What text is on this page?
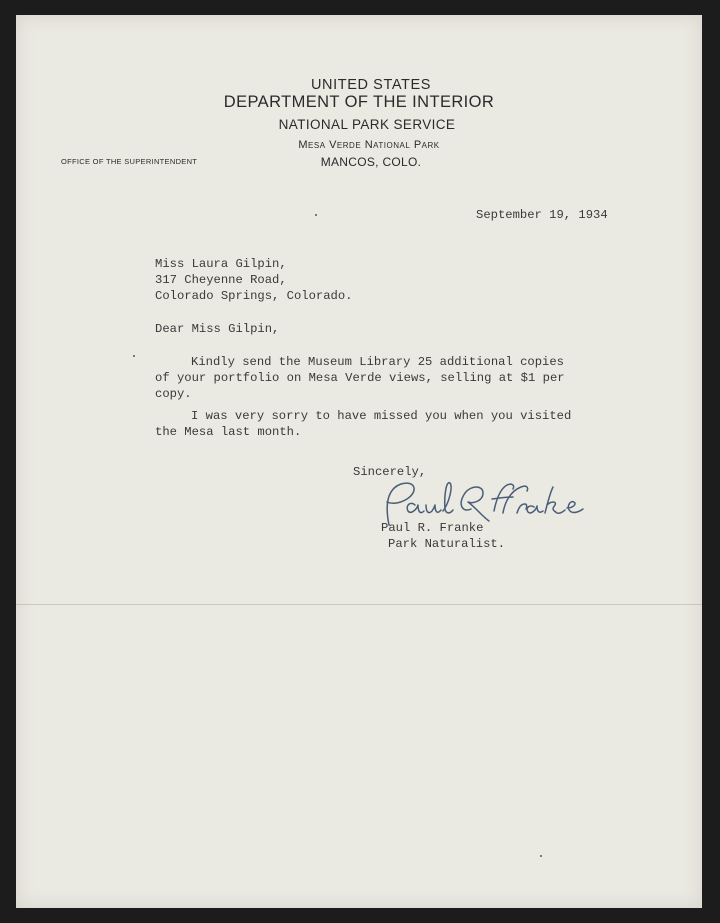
UNITED STATES

DEPARTMENT OF THE INTERIOR

NATIONAL PARK SERVICE

Mesa Verde National Park

MANCOS, COLO.

OFFICE OF THE SUPERINTENDENT

September 19, 1934

Miss Laura Gilpin,

317 Cheyenne Road,

Colorado Springs, Colorado.

Dear Miss Gilpin,

Kindly send the Museum Library 25 additional copies

of your portfolio on Mesa Verde views, selling at $1 per

copy.

I was very sorry to have missed you when you visited

the Mesa last month.

Sincerely,

Paul R. Franke

Park Naturalist.
